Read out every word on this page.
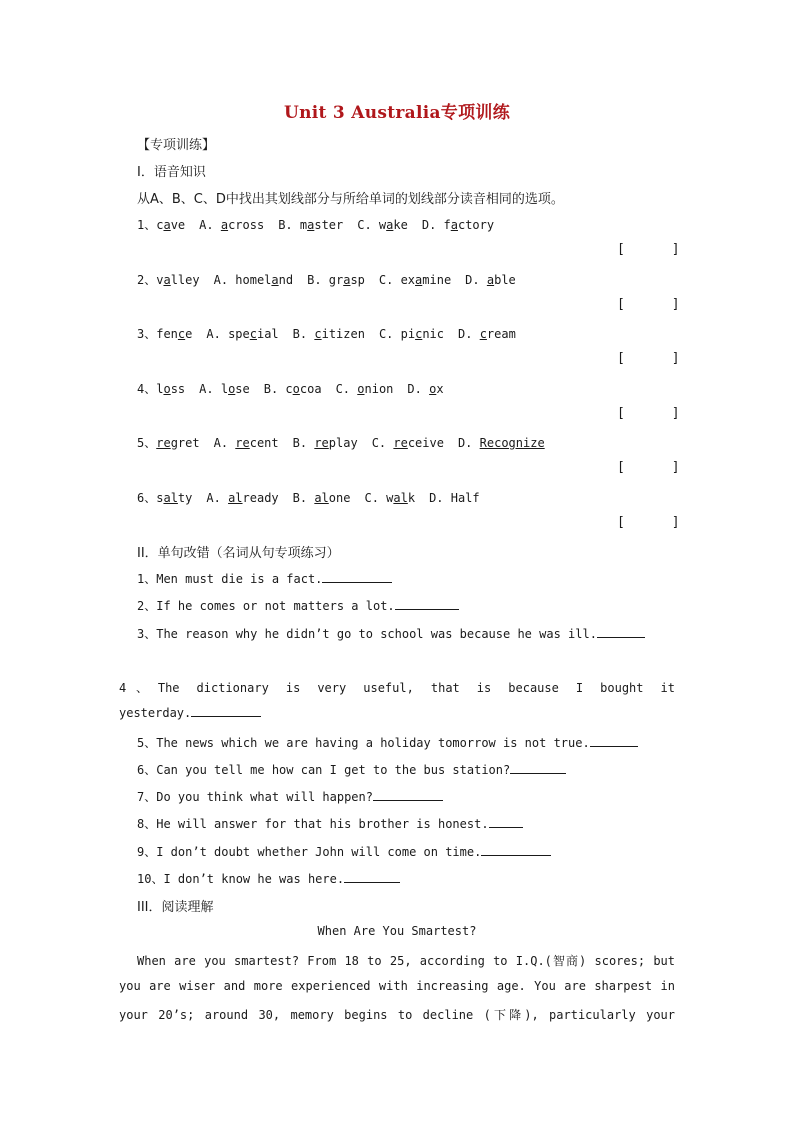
Unit 3 Australia专项训练
【专项训练】
I．语音知识
从A、B、C、D中找出其划线部分与所给单词的划线部分读音相同的选项。
1、cave A. across B. master C. wake D. factory
[      ]
2、valley A. homeland B. grasp C. examine D. able
[      ]
3、fence A. special B. citizen C. picnic D. cream
[      ]
4、loss A. lose B. cocoa C. onion D. ox
[      ]
5、regret A. recent B. replay C. receive D. Recognize
[      ]
6、salty A. already B. alone C. walk D. Half
[      ]
II．单句改错（名词从句专项练习）
1、Men must die is a fact.
2、If he comes or not matters a lot.
3、The reason why he didn’t go to school was because he was ill.
4、The dictionary is very useful, that is because I bought it
yesterday.
5、The news which we are having a holiday tomorrow is not true.
6、Can you tell me how can I get to the bus station?
7、Do you think what will happen?
8、He will answer for that his brother is honest.
9、I don’t doubt whether John will come on time.
10、I don’t know he was here.
III．阅读理解
When Are You Smartest?
When are you smartest? From 18 to 25, according to I.Q.(智商) scores; but
you are wiser and more experienced with increasing age. You are sharpest in
your 20’s; around 30, memory begins to decline (下降), particularly your
